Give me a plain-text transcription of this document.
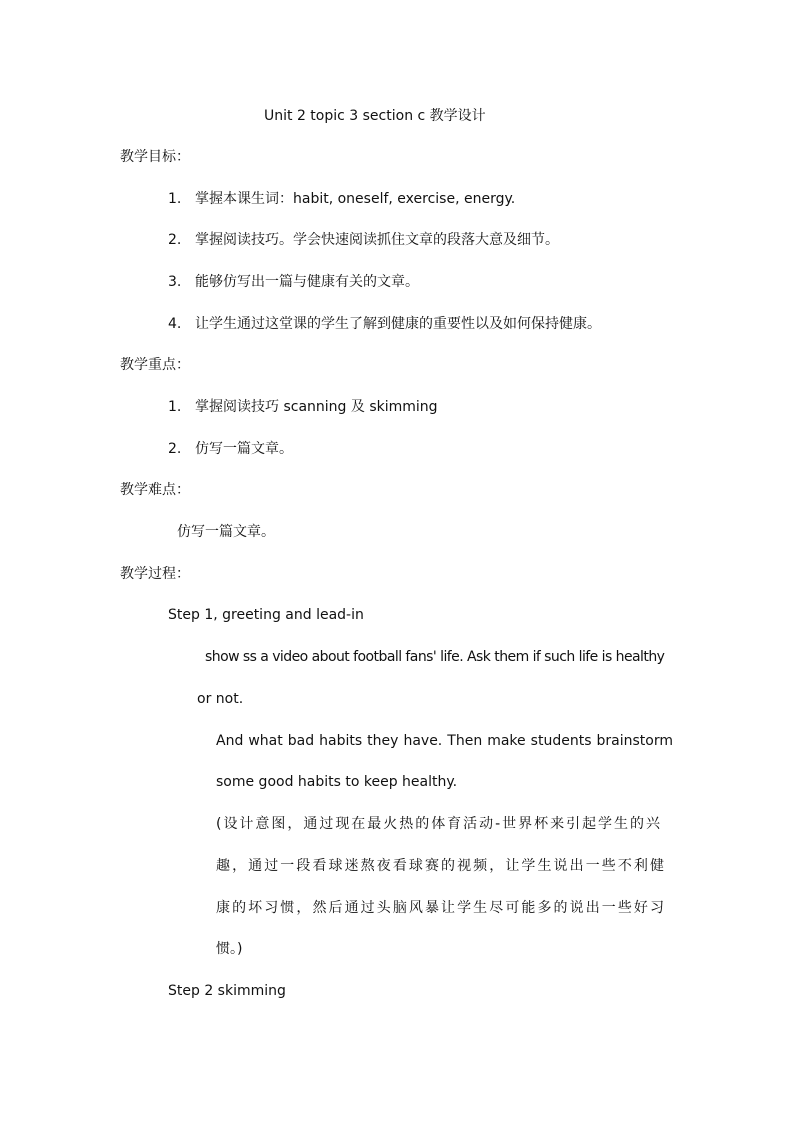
Unit 2 topic 3 section c 教学设计
教学目标：
1. 掌握本课生词：habit, oneself, exercise, energy.
2. 掌握阅读技巧。学会快速阅读抓住文章的段落大意及细节。
3. 能够仿写出一篇与健康有关的文章。
4. 让学生通过这堂课的学生了解到健康的重要性以及如何保持健康。
教学重点：
1. 掌握阅读技巧 scanning 及 skimming
2. 仿写一篇文章。
教学难点：
仿写一篇文章。
教学过程：
Step 1, greeting and lead-in
show ss a video about football fans' life. Ask them if such life is healthy
or not.
And what bad habits they have. Then make students brainstorm
some good habits to keep healthy.
(设计意图，通过现在最火热的体育活动-世界杯来引起学生的兴
趣，通过一段看球迷熬夜看球赛的视频，让学生说出一些不利健
康的坏习惯，然后通过头脑风暴让学生尽可能多的说出一些好习
惯。)
Step 2 skimming
